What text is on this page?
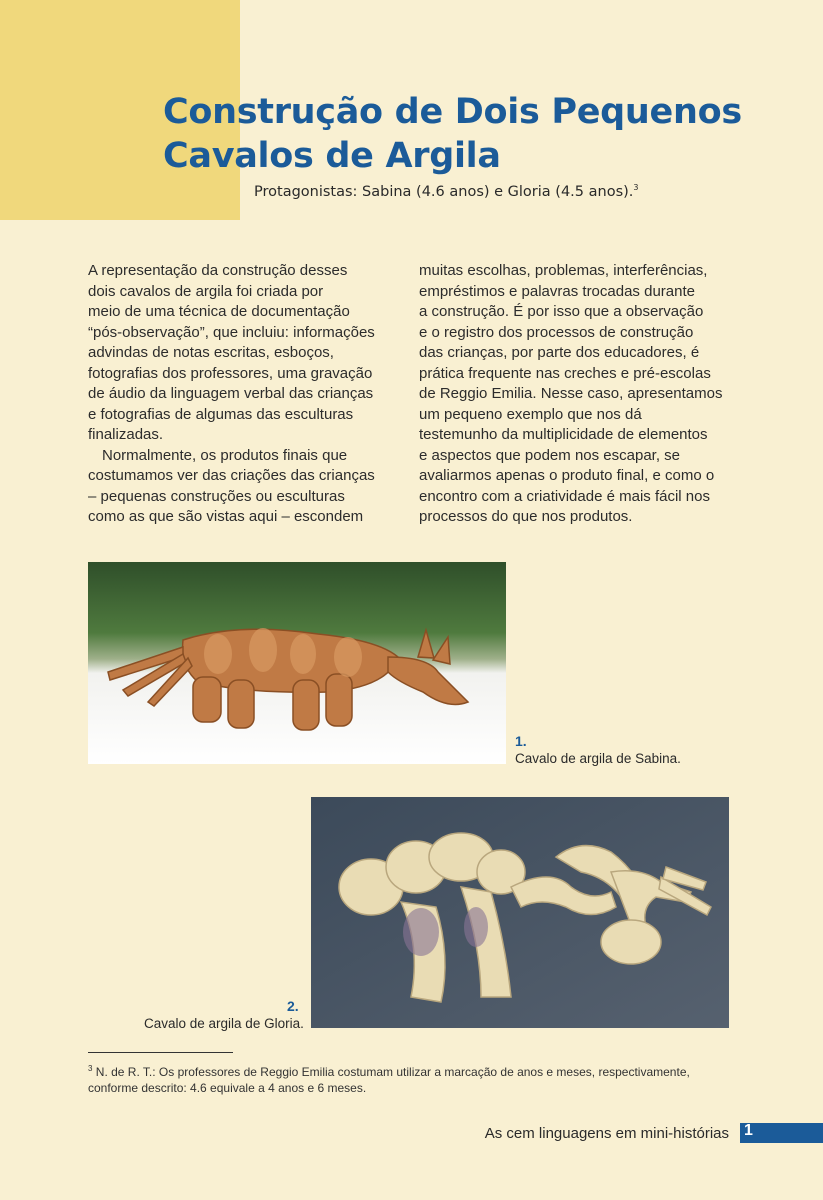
Construção de Dois Pequenos
Cavalos de Argila
Protagonistas: Sabina (4.6 anos) e Gloria (4.5 anos).$^3$

A representação da construção desses
dois cavalos de argila foi criada por
meio de uma técnica de documentação
“pós-observação”, que incluiu: informações
advindas de notas escritas, esboços,
fotografias dos professores, uma gravação
de áudio da linguagem verbal das crianças
e fotografias de algumas das esculturas
finalizadas.

Normalmente, os produtos finais que
costumamos ver das criações das crianças
– pequenas construções ou esculturas
como as que são vistas aqui – escondem

muitas escolhas, problemas, interferências,
empréstimos e palavras trocadas durante
a construção. É por isso que a observação
e o registro dos processos de construção
das crianças, por parte dos educadores, é
prática frequente nas creches e pré-escolas
de Reggio Emilia. Nesse caso, apresentamos
um pequeno exemplo que nos dá
testemunho da multiplicidade de elementos
e aspectos que podem nos escapar, se
avaliarmos apenas o produto final, e como o
encontro com a criatividade é mais fácil nos
processos do que nos produtos.

1.
Cavalo de argila de Sabina.
2.
Cavalo de argila de Gloria.
$^3$ N. de R. T.: Os professores de Reggio Emilia costumam utilizar a marcação de anos e meses, respectivamente,
conforme descrito: 4.6 equivale a 4 anos e 6 meses.
As cem linguagens em mini-histórias 1
